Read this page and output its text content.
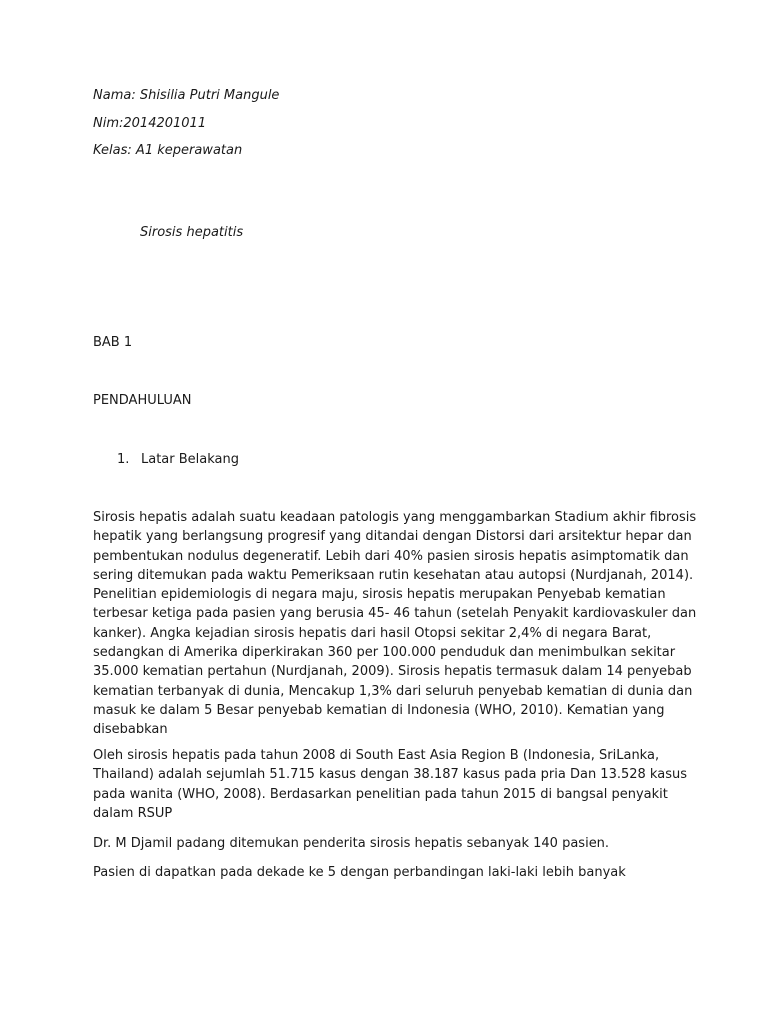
Nama: Shisilia Putri Mangule

Nim:2014201011

Kelas: A1 keperawatan

Sirosis hepatitis

BAB 1

PENDAHULUAN

1. Latar Belakang
Sirosis hepatis adalah suatu keadaan patologis yang menggambarkan Stadium akhir fibrosis
hepatik yang berlangsung progresif yang ditandai dengan Distorsi dari arsitektur hepar dan
pembentukan nodulus degeneratif. Lebih dari 40% pasien sirosis hepatis asimptomatik dan
sering ditemukan pada waktu Pemeriksaan rutin kesehatan atau autopsi (Nurdjanah, 2014).
Penelitian epidemiologis di negara maju, sirosis hepatis merupakan Penyebab kematian
terbesar ketiga pada pasien yang berusia 45- 46 tahun (setelah Penyakit kardiovaskuler dan
kanker). Angka kejadian sirosis hepatis dari hasil Otopsi sekitar 2,4% di negara Barat,
sedangkan di Amerika diperkirakan 360 per 100.000 penduduk dan menimbulkan sekitar
35.000 kematian pertahun (Nurdjanah, 2009). Sirosis hepatis termasuk dalam 14 penyebab
kematian terbanyak di dunia, Mencakup 1,3% dari seluruh penyebab kematian di dunia dan
masuk ke dalam 5 Besar penyebab kematian di Indonesia (WHO, 2010). Kematian yang
disebabkan
Oleh sirosis hepatis pada tahun 2008 di South East Asia Region B (Indonesia, SriLanka,
Thailand) adalah sejumlah 51.715 kasus dengan 38.187 kasus pada pria Dan 13.528 kasus
pada wanita (WHO, 2008). Berdasarkan penelitian pada tahun 2015 di bangsal penyakit
dalam RSUP
Dr. M Djamil padang ditemukan penderita sirosis hepatis sebanyak 140 pasien.
Pasien di dapatkan pada dekade ke 5 dengan perbandingan laki-laki lebih banyak
